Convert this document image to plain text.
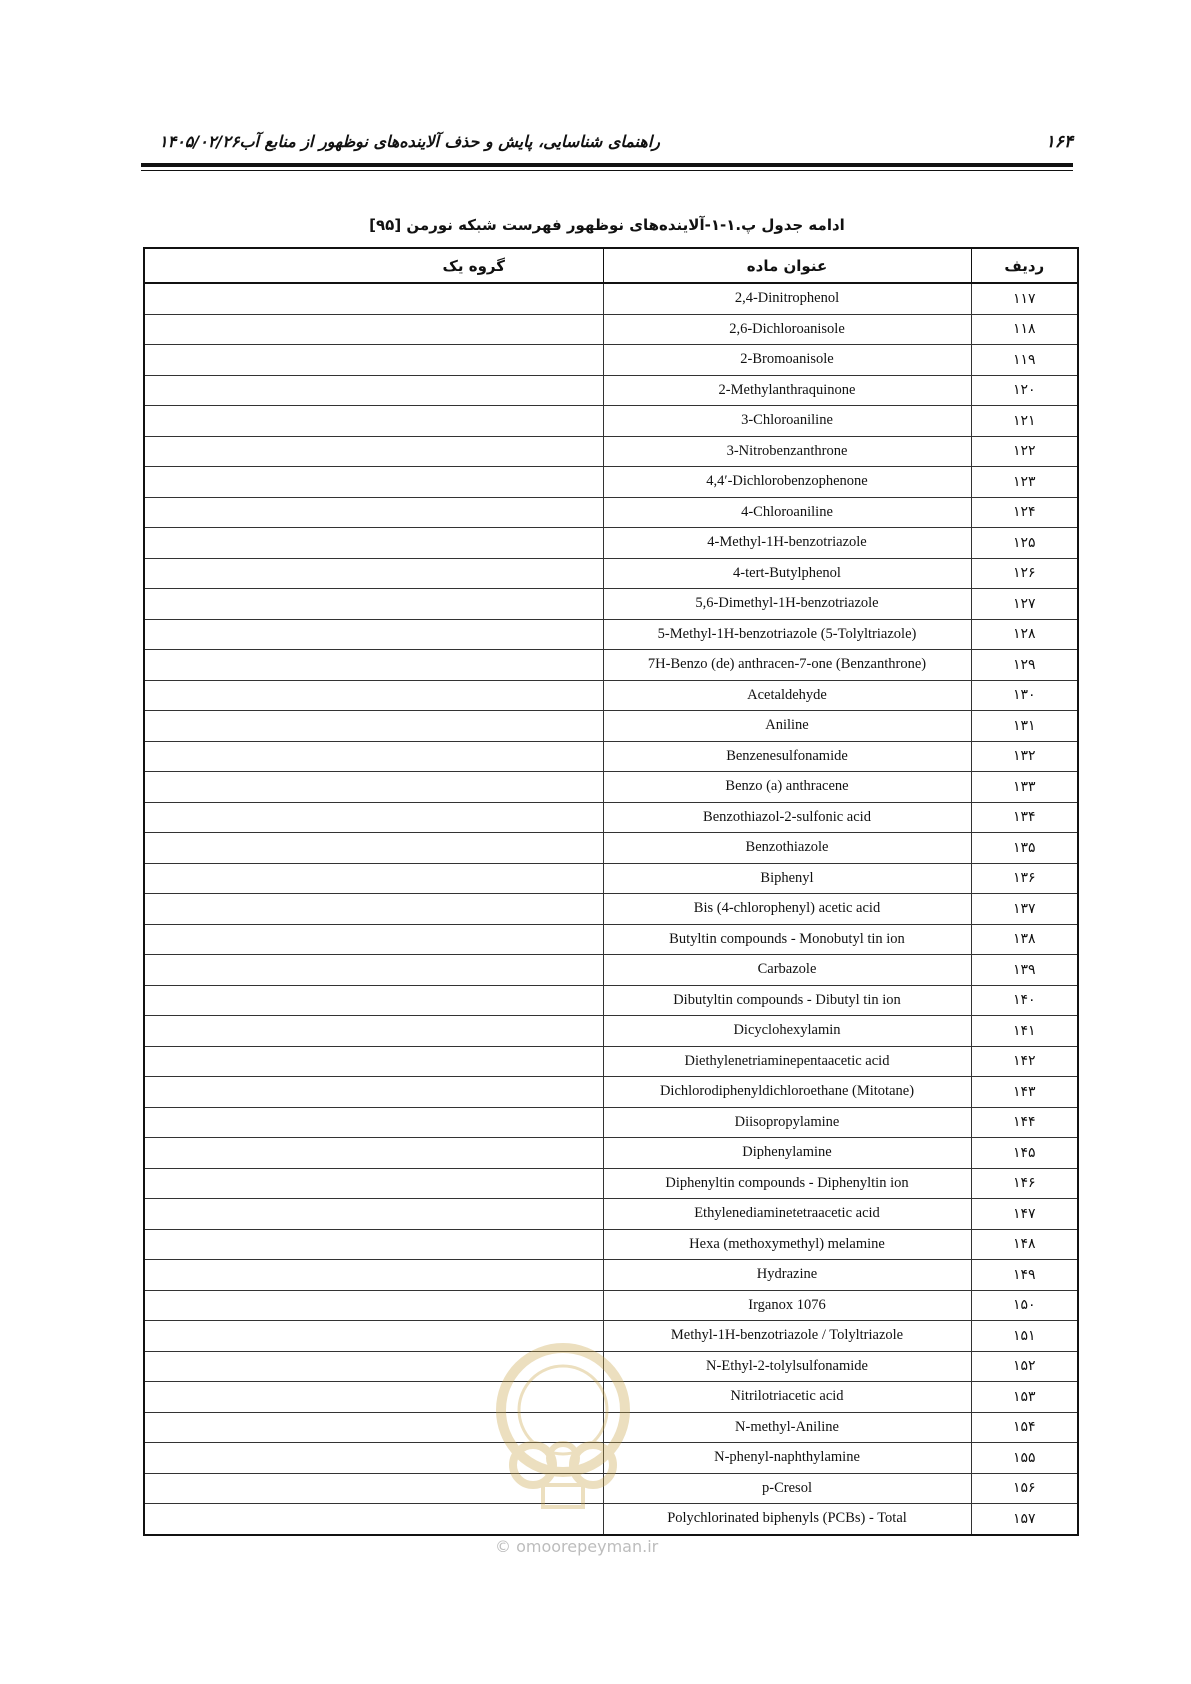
۱۶۴
راهنمای شناسایی، پایش و حذف آلاینده‌های نوظهور از منابع آب۱۴۰۵/۰۲/۲۶
ادامه جدول پ.۱-۱-آلاینده‌های نوظهور فهرست شبکه نورمن [۹۵]
ردیف	عنوان ماده	گروه یک
۱۱۷	2,4-Dinitrophenol	
۱۱۸	2,6-Dichloroanisole	
۱۱۹	2-Bromoanisole	
۱۲۰	2-Methylanthraquinone	
۱۲۱	3-Chloroaniline	
۱۲۲	3-Nitrobenzanthrone	
۱۲۳	4,4′-Dichlorobenzophenone	
۱۲۴	4-Chloroaniline	
۱۲۵	4-Methyl-1H-benzotriazole	
۱۲۶	4-tert-Butylphenol	
۱۲۷	5,6-Dimethyl-1H-benzotriazole	
۱۲۸	5-Methyl-1H-benzotriazole (5-Tolyltriazole)	
۱۲۹	7H-Benzo (de) anthracen-7-one (Benzanthrone)	
۱۳۰	Acetaldehyde	
۱۳۱	Aniline	
۱۳۲	Benzenesulfonamide	
۱۳۳	Benzo (a) anthracene	
۱۳۴	Benzothiazol-2-sulfonic acid	
۱۳۵	Benzothiazole	
۱۳۶	Biphenyl	
۱۳۷	Bis (4-chlorophenyl) acetic acid	
۱۳۸	Butyltin compounds - Monobutyl tin ion	
۱۳۹	Carbazole	
۱۴۰	Dibutyltin compounds - Dibutyl tin ion	
۱۴۱	Dicyclohexylamin	
۱۴۲	Diethylenetriaminepentaacetic acid	
۱۴۳	Dichlorodiphenyldichloroethane (Mitotane)	
۱۴۴	Diisopropylamine	
۱۴۵	Diphenylamine	
۱۴۶	Diphenyltin compounds - Diphenyltin ion	
۱۴۷	Ethylenediaminetetraacetic acid	
۱۴۸	Hexa (methoxymethyl) melamine	
۱۴۹	Hydrazine	
۱۵۰	Irganox 1076	
۱۵۱	Methyl-1H-benzotriazole / Tolyltriazole	
۱۵۲	N-Ethyl-2-tolylsulfonamide	
۱۵۳	Nitrilotriacetic acid	
۱۵۴	N-methyl-Aniline	
۱۵۵	N-phenyl-naphthylamine	
۱۵۶	p-Cresol	
۱۵۷	Polychlorinated biphenyls (PCBs) - Total	
© omoorepeyman.ir
